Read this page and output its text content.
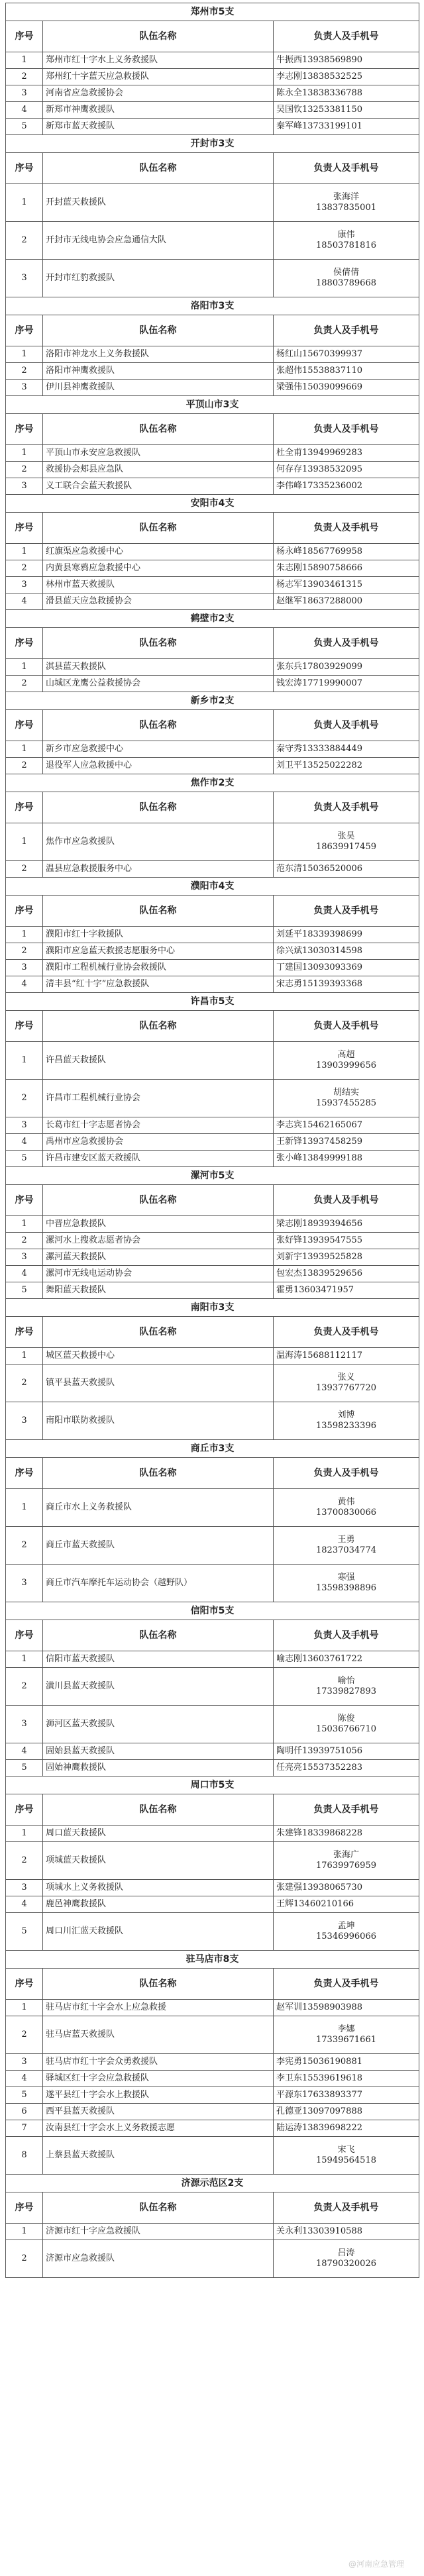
郑州市5支		
序号	队伍名称	负责人及手机号
1	郑州市红十字水上义务救援队	牛振西13938569890
2	郑州红十字蓝天应急救援队	李志刚13838532525
3	河南省应急救援协会	陈永全13838336788
4	新郑市神鹰救援队	吴国钦13253381150
5	新郑市蓝天救援队	秦军峰13733199101
开封市3支		
序号	队伍名称	负责人及手机号
1	开封蓝天救援队	张海洋
13837835001

2	开封市无线电协会应急通信大队	康伟
18503781816

3	开封市红豹救援队	侯倩倩
18803789668

洛阳市3支		
序号	队伍名称	负责人及手机号
1	洛阳市神龙水上义务救援队	杨红山15670399937
2	洛阳市神鹰救援队	张超伟15538837110
3	伊川县神鹰救援队	梁强伟15039099669
平顶山市3支		
序号	队伍名称	负责人及手机号
1	平顶山市永安应急救援队	杜全甫13949969283
2	救援协会郏县应急队	何存存13938532095
3	义工联合会蓝天救援队	李伟峰17335236002
安阳市4支		
序号	队伍名称	负责人及手机号
1	红旗渠应急救援中心	杨永峰18567769958
2	内黄县寒鸦应急救援中心	朱志刚15890758666
3	林州市蓝天救援队	杨志军13903461315
4	滑县蓝天应急救援协会	赵继军18637288000
鹤壁市2支		
序号	队伍名称	负责人及手机号
1	淇县蓝天救援队	张东兵17803929099
2	山城区龙鹰公益救援协会	钱宏涛17719990007
新乡市2支		
序号	队伍名称	负责人及手机号
1	新乡市应急救援中心	秦守秀13333884449
2	退役军人应急救援中心	刘卫平13525022282
焦作市2支		
序号	队伍名称	负责人及手机号
1	焦作市应急救援队	张昊
18639917459

2	温县应急救援服务中心	范东清15036520006
濮阳市4支		
序号	队伍名称	负责人及手机号
1	濮阳市红十字救援队	刘延平18339398699
2	濮阳市应急蓝天救援志愿服务中心	徐兴斌13030314598
3	濮阳市工程机械行业协会救援队	丁建国13093093369
4	清丰县“红十字”应急救援队	宋志勇15139393368
许昌市5支		
序号	队伍名称	负责人及手机号
1	许昌蓝天救援队	高超
13903999656

2	许昌市工程机械行业协会	胡结实
15937455285

3	长葛市红十字志愿者协会	李志宾15462165067
4	禹州市应急救援协会	王新锋13937458259
5	许昌市建安区蓝天救援队	张小峰13849999188
漯河市5支		
序号	队伍名称	负责人及手机号
1	中晋应急救援队	梁志刚18939394656
2	漯河水上搜救志愿者协会	张好锋13939547555
3	漯河蓝天救援队	刘新宇13939525828
4	漯河市无线电运动协会	包宏杰13839529656
5	舞阳蓝天救援队	霍勇13603471957
南阳市3支		
序号	队伍名称	负责人及手机号
1	城区蓝天救援中心	温海涛15688112117
2	镇平县蓝天救援队	张义
13937767720

3	南阳市联防救援队	刘博
13598233396

商丘市3支		
序号	队伍名称	负责人及手机号
1	商丘市水上义务救援队	黄伟
13700830066

2	商丘市蓝天救援队	王勇
18237034774

3	商丘市汽车摩托车运动协会（越野队）	寒强
13598398896

信阳市5支		
序号	队伍名称	负责人及手机号
1	信阳市蓝天救援队	喻志刚13603761722
2	潢川县蓝天救援队	喻怡
17339827893

3	浉河区蓝天救援队	陈俊
15036766710

4	固始县蓝天救援队	陶明仟13939751056
5	固始神鹰救援队	任亮亮15537352283
周口市5支		
序号	队伍名称	负责人及手机号
1	周口蓝天救援队	朱建锋18339868228
2	项城蓝天救援队	张海广
17639976959

3	项城水上义务救援队	张建强13938065730
4	鹿邑神鹰救援队	王辉13460210166
5	周口川汇蓝天救援队	孟坤
15346996066

驻马店市8支		
序号	队伍名称	负责人及手机号
1	驻马店市红十字会水上应急救援	赵军训13598903988
2	驻马店蓝天救援队	李娜
17339671661

3	驻马店市红十字会众勇救援队	李宪勇15036190881
4	驿城区红十字会应急救援队	李卫东15539619618
5	遂平县红十字会水上救援队	平源东17633893377
6	西平县蓝天救援队	孔德亚13097097888
7	汝南县红十字会水上义务救援志愿	陆运涛13839698222
8	上蔡县蓝天救援队	宋飞
15949564518

济源示范区2支		
序号	队伍名称	负责人及手机号
1	济源市红十字应急救援队	关永利13303910588
2	济源市应急救援队	吕涛
18790320026
@河南应急管理
